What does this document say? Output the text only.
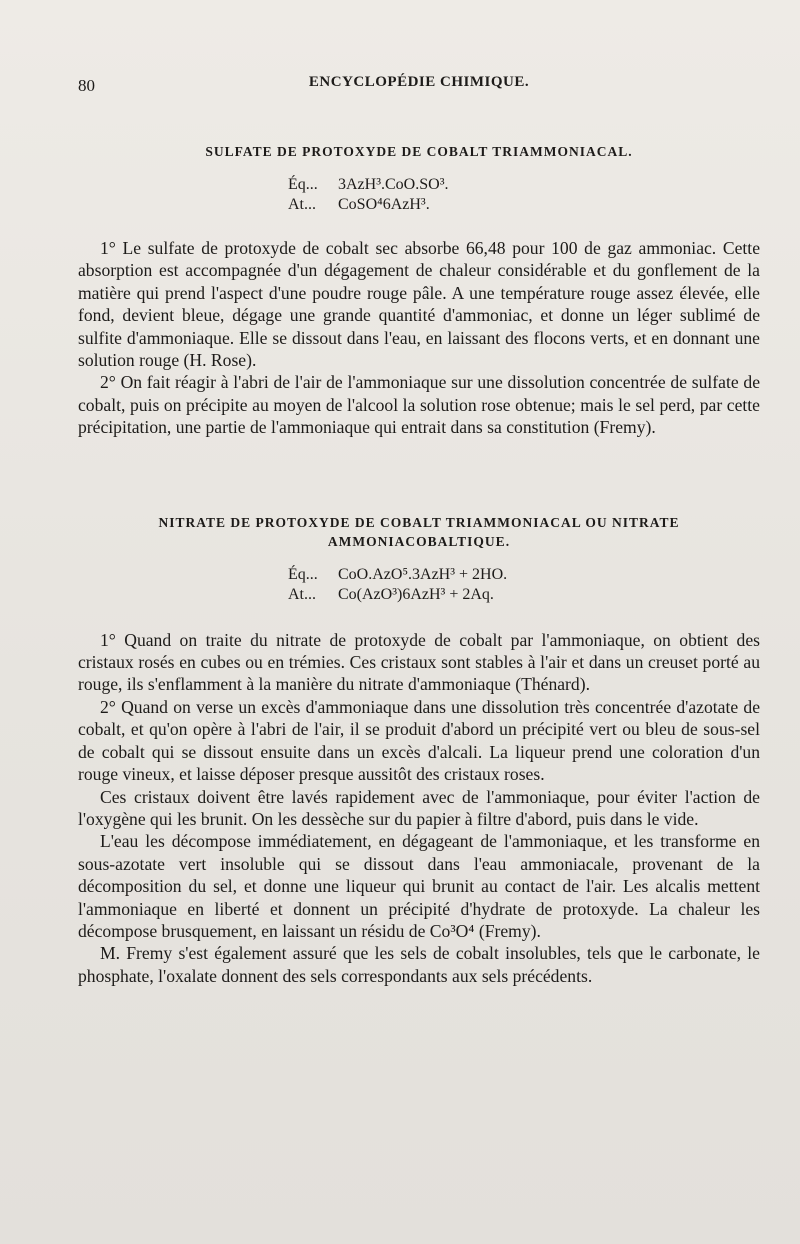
80	ENCYCLOPÉDIE CHIMIQUE.
SULFATE DE PROTOXYDE DE COBALT TRIAMMONIACAL.
Éq... 3AzH³.CoO.SO³.
At... CoSO⁴6AzH³.

1° Le sulfate de protoxyde de cobalt sec absorbe 66,48 pour 100 de gaz ammoniac. Cette absorption est accompagnée d'un dégagement de chaleur considérable et du gonflement de la matière qui prend l'aspect d'une poudre rouge pâle. A une température rouge assez élevée, elle fond, devient bleue, dégage une grande quantité d'ammoniac, et donne un léger sublimé de sulfite d'ammoniaque. Elle se dissout dans l'eau, en laissant des flocons verts, et en donnant une solution rouge (H. Rose).

2° On fait réagir à l'abri de l'air de l'ammoniaque sur une dissolution concentrée de sulfate de cobalt, puis on précipite au moyen de l'alcool la solution rose obtenue; mais le sel perd, par cette précipitation, une partie de l'ammoniaque qui entrait dans sa constitution (Fremy).

NITRATE DE PROTOXYDE DE COBALT TRIAMMONIACAL OU NITRATE
AMMONIACOBALTIQUE.
Éq... CoO.AzO⁵.3AzH³ + 2HO.
At... Co(AzO³)6AzH³ + 2Aq.

1° Quand on traite du nitrate de protoxyde de cobalt par l'ammoniaque, on obtient des cristaux rosés en cubes ou en trémies. Ces cristaux sont stables à l'air et dans un creuset porté au rouge, ils s'enflamment à la manière du nitrate d'ammoniaque (Thénard).

2° Quand on verse un excès d'ammoniaque dans une dissolution très concentrée d'azotate de cobalt, et qu'on opère à l'abri de l'air, il se produit d'abord un précipité vert ou bleu de sous-sel de cobalt qui se dissout ensuite dans un excès d'alcali. La liqueur prend une coloration d'un rouge vineux, et laisse déposer presque aussitôt des cristaux roses.

Ces cristaux doivent être lavés rapidement avec de l'ammoniaque, pour éviter l'action de l'oxygène qui les brunit. On les dessèche sur du papier à filtre d'abord, puis dans le vide.

L'eau les décompose immédiatement, en dégageant de l'ammoniaque, et les transforme en sous-azotate vert insoluble qui se dissout dans l'eau ammoniacale, provenant de la décomposition du sel, et donne une liqueur qui brunit au contact de l'air. Les alcalis mettent l'ammoniaque en liberté et donnent un précipité d'hydrate de protoxyde. La chaleur les décompose brusquement, en laissant un résidu de Co³O⁴ (Fremy).

M. Fremy s'est également assuré que les sels de cobalt insolubles, tels que le carbonate, le phosphate, l'oxalate donnent des sels correspondants aux sels précédents.
